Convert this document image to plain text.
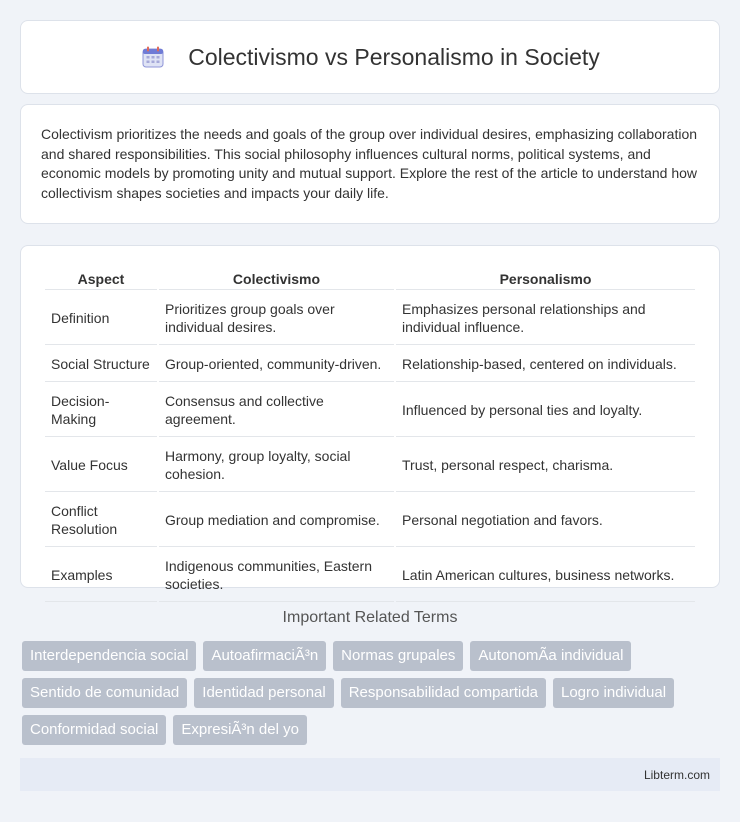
Colectivismo vs Personalismo in Society

Colectivism prioritizes the needs and goals of the group over individual desires, emphasizing collaboration and shared responsibilities. This social philosophy influences cultural norms, political systems, and economic models by promoting unity and mutual support. Explore the rest of the article to understand how collectivism shapes societies and impacts your daily life.

Aspect	Colectivismo	Personalismo
Definition	Prioritizes group goals over individual desires.	Emphasizes personal relationships and individual influence.
Social Structure	Group-oriented, community-driven.	Relationship-based, centered on individuals.
Decision-Making	Consensus and collective agreement.	Influenced by personal ties and loyalty.
Value Focus	Harmony, group loyalty, social cohesion.	Trust, personal respect, charisma.
Conflict Resolution	Group mediation and compromise.	Personal negotiation and favors.
Examples	Indigenous communities, Eastern societies.	Latin American cultures, business networks.
Important Related Terms
Interdependencia social	AutoafirmaciÃ³n	Normas grupales	AutonomÃa individual
Sentido de comunidad	Identidad personal	Responsabilidad compartida	Logro individual
Conformidad social	ExpresiÃ³n del yo
Libterm.com
